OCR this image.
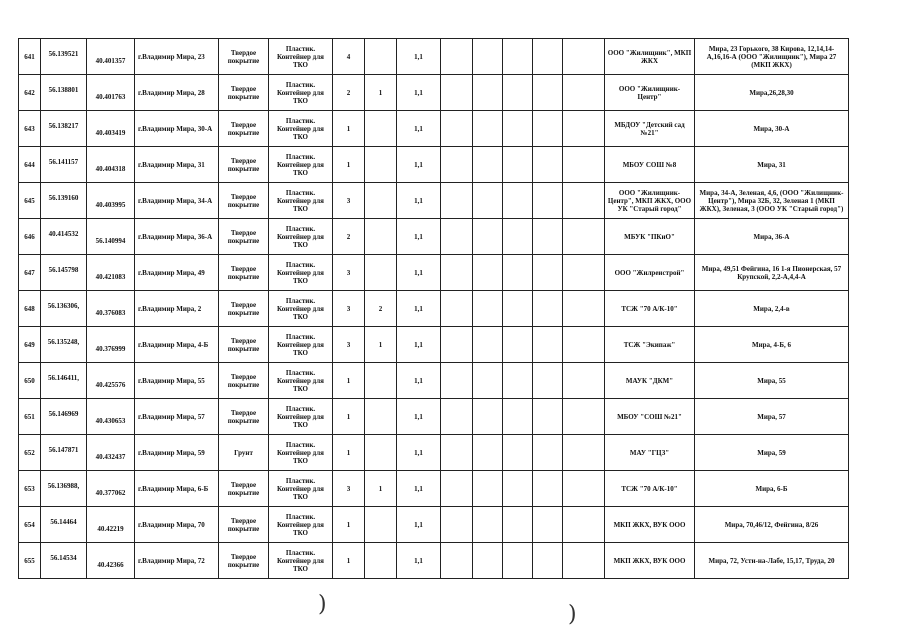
641	56.139521	40.401357	г.Владимир Мира, 23	Твердое покрытие	Пластик. Контейнер для ТКО	4		1,1						ООО "Жилищник", МКП ЖКХ	Мира, 23 Горького, 38 Кирова, 12,14,14-А,16,16-А (ООО "Жилищник"), Мира 27 (МКП ЖКХ)
642	56.138801	40.401763	г.Владимир Мира, 28	Твердое покрытие	Пластик. Контейнер для ТКО	2	1	1,1						ООО "Жилищник-Центр"	Мира,26,28,30
643	56.138217	40.403419	г.Владимир Мира, 30-А	Твердое покрытие	Пластик. Контейнер для ТКО	1		1,1						МБДОУ "Детский сад №21"	Мира, 30-А
644	56.141157	40.404318	г.Владимир Мира, 31	Твердое покрытие	Пластик. Контейнер для ТКО	1		1,1						МБОУ СОШ №8	Мира, 31
645	56.139160	40.403995	г.Владимир Мира, 34-А	Твердое покрытие	Пластик. Контейнер для ТКО	3		1,1						ООО "Жилищник-Центр", МКП ЖКХ, ООО УК "Старый город"	Мира, 34-А, Зеленая, 4,6, (ООО "Жилищник-Центр"), Мира 32Б, 32, Зеленая 1 (МКП ЖКХ), Зеленая, 3 (ООО УК "Старый город")
646	40.414532	56.140994	г.Владимир Мира, 36-А	Твердое покрытие	Пластик. Контейнер для ТКО	2		1,1						МБУК "ПКиО"	Мира, 36-А
647	56.145798	40.421083	г.Владимир Мира, 49	Твердое покрытие	Пластик. Контейнер для ТКО	3		1,1						ООО "Жилреистрой"	Мира, 49,51 Фейгина, 16 1-я Пионерская, 57 Крупской, 2,2-А,4,4-А
648	56.136306,	40.376083	г.Владимир Мира, 2	Твердое покрытие	Пластик. Контейнер для ТКО	3	2	1,1						ТСЖ "70 А/К-10"	Мира, 2,4-в
649	56.135248,	40.376999	г.Владимир Мира, 4-Б	Твердое покрытие	Пластик. Контейнер для ТКО	3	1	1,1						ТСЖ "Экипаж"	Мира, 4-Б, 6
650	56.146411,	40.425576	г.Владимир Мира, 55	Твердое покрытие	Пластик. Контейнер для ТКО	1		1,1						МАУК "ДКМ"	Мира, 55
651	56.146969	40.430653	г.Владимир Мира, 57	Твердое покрытие	Пластик. Контейнер для ТКО	1		1,1						МБОУ "СОШ №21"	Мира, 57
652	56.147871	40.432437	г.Владимир Мира, 59	Грунт	Пластик. Контейнер для ТКО	1		1,1						МАУ "ГЦЗ"	Мира, 59
653	56.136988,	40.377062	г.Владимир Мира, 6-Б	Твердое покрытие	Пластик. Контейнер для ТКО	3	1	1,1						ТСЖ "70 А/К-10"	Мира, 6-Б
654	56.14464	40.42219	г.Владимир Мира, 70	Твердое покрытие	Пластик. Контейнер для ТКО	1		1,1						МКП ЖКХ, ВУК ООО	Мира, 70,46/12, Фейгина, 8/26
655	56.14534	40.42366	г.Владимир Мира, 72	Твердое покрытие	Пластик. Контейнер для ТКО	1		1,1						МКП ЖКХ, ВУК ООО	Мира, 72, Усти-на-Лабе, 15,17, Труда, 20
)	)
